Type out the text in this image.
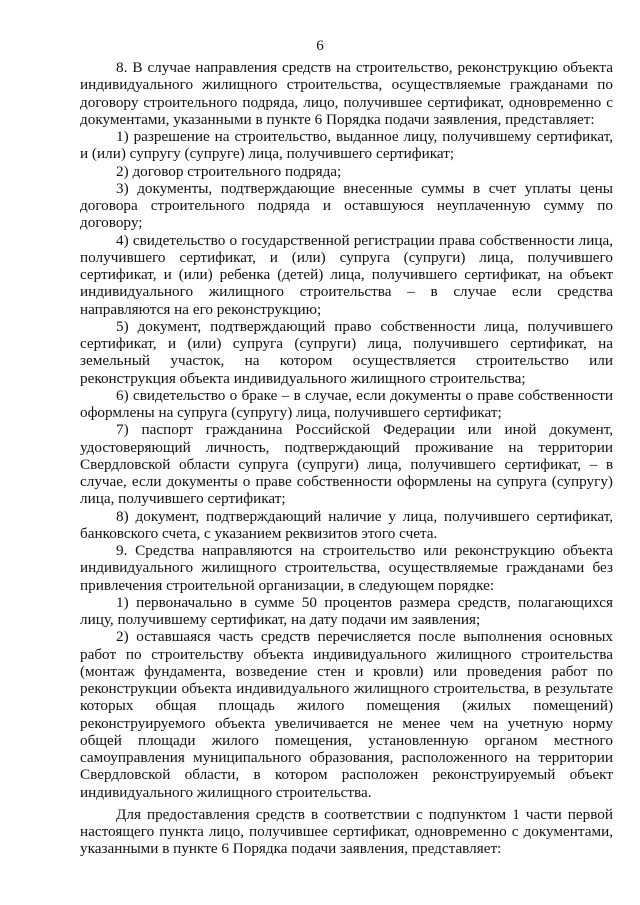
6

8. В случае направления средств на строительство, реконструкцию объекта индивидуального жилищного строительства, осуществляемые гражданами по договору строительного подряда, лицо, получившее сертификат, одновременно с документами, указанными в пункте 6 Порядка подачи заявления, представляет:

1) разрешение на строительство, выданное лицу, получившему сертификат, и (или) супругу (супруге) лица, получившего сертификат;

2) договор строительного подряда;

3) документы, подтверждающие внесенные суммы в счет уплаты цены договора строительного подряда и оставшуюся неуплаченную сумму по договору;

4) свидетельство о государственной регистрации права собственности лица, получившего сертификат, и (или) супруга (супруги) лица, получившего сертификат, и (или) ребенка (детей) лица, получившего сертификат, на объект индивидуального жилищного строительства – в случае если средства направляются на его реконструкцию;

5) документ, подтверждающий право собственности лица, получившего сертификат, и (или) супруга (супруги) лица, получившего сертификат, на земельный участок, на котором осуществляется строительство или реконструкция объекта индивидуального жилищного строительства;

6) свидетельство о браке – в случае, если документы о праве собственности оформлены на супруга (супругу) лица, получившего сертификат;

7) паспорт гражданина Российской Федерации или иной документ, удостоверяющий личность, подтверждающий проживание на территории Свердловской области супруга (супруги) лица, получившего сертификат, – в случае, если документы о праве собственности оформлены на супруга (супругу) лица, получившего сертификат;

8) документ, подтверждающий наличие у лица, получившего сертификат, банковского счета, с указанием реквизитов этого счета.

9. Средства направляются на строительство или реконструкцию объекта индивидуального жилищного строительства, осуществляемые гражданами без привлечения строительной организации, в следующем порядке:

1) первоначально в сумме 50 процентов размера средств, полагающихся лицу, получившему сертификат, на дату подачи им заявления;

2) оставшаяся часть средств перечисляется после выполнения основных работ по строительству объекта индивидуального жилищного строительства (монтаж фундамента, возведение стен и кровли) или проведения работ по реконструкции объекта индивидуального жилищного строительства, в результате которых общая площадь жилого помещения (жилых помещений) реконструируемого объекта увеличивается не менее чем на учетную норму общей площади жилого помещения, установленную органом местного самоуправления муниципального образования, расположенного на территории Свердловской области, в котором расположен реконструируемый объект индивидуального жилищного строительства.

Для предоставления средств в соответствии с подпунктом 1 части первой настоящего пункта лицо, получившее сертификат, одновременно с документами, указанными в пункте 6 Порядка подачи заявления, представляет:
